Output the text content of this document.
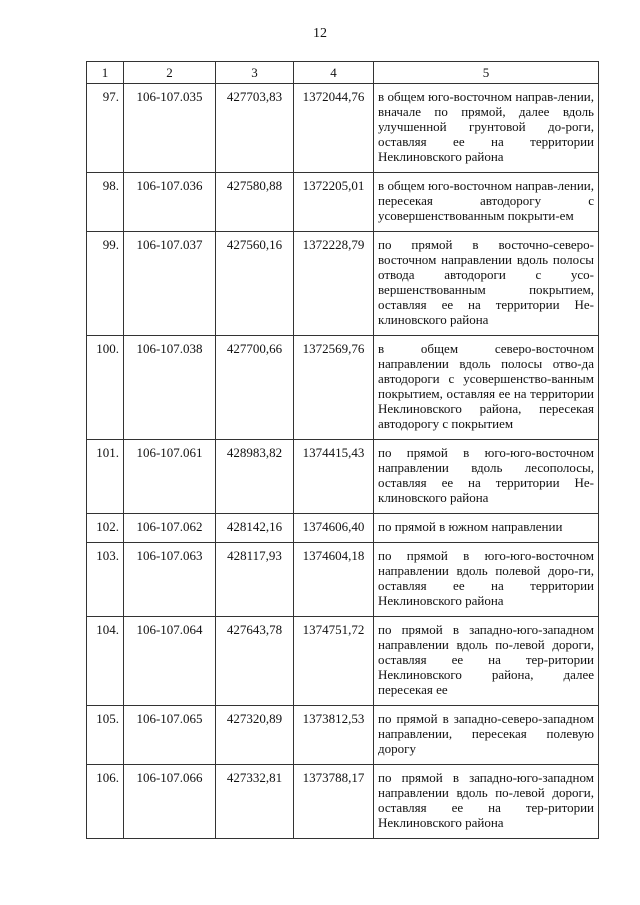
12
1	2	3	4	5
97.	106-107.035	427703,83	1372044,76	в общем юго-восточном направ-лении, вначале по прямой, далее вдоль улучшенной грунтовой до-роги, оставляя ее на территории Неклиновского района
98.	106-107.036	427580,88	1372205,01	в общем юго-восточном направ-лении, пересекая автодорогу с усовершенствованным покрыти-ем
99.	106-107.037	427560,16	1372228,79	по прямой в восточно-северо-восточном направлении вдоль полосы отвода автодороги с усо-вершенствованным покрытием, оставляя ее на территории Не-клиновского района
100.	106-107.038	427700,66	1372569,76	в общем северо-восточном направлении вдоль полосы отво-да автодороги с усовершенство-ванным покрытием, оставляя ее на территории Неклиновского района, пересекая автодорогу с покрытием
101.	106-107.061	428983,82	1374415,43	по прямой в юго-юго-восточном направлении вдоль лесополосы, оставляя ее на территории Не-клиновского района
102.	106-107.062	428142,16	1374606,40	по прямой в южном направлении
103.	106-107.063	428117,93	1374604,18	по прямой в юго-юго-восточном направлении вдоль полевой доро-ги, оставляя ее на территории Неклиновского района
104.	106-107.064	427643,78	1374751,72	по прямой в западно-юго-западном направлении вдоль по-левой дороги, оставляя ее на тер-ритории Неклиновского района, далее пересекая ее
105.	106-107.065	427320,89	1373812,53	по прямой в западно-северо-западном направлении, пересекая полевую дорогу
106.	106-107.066	427332,81	1373788,17	по прямой в западно-юго-западном направлении вдоль по-левой дороги, оставляя ее на тер-ритории Неклиновского района
